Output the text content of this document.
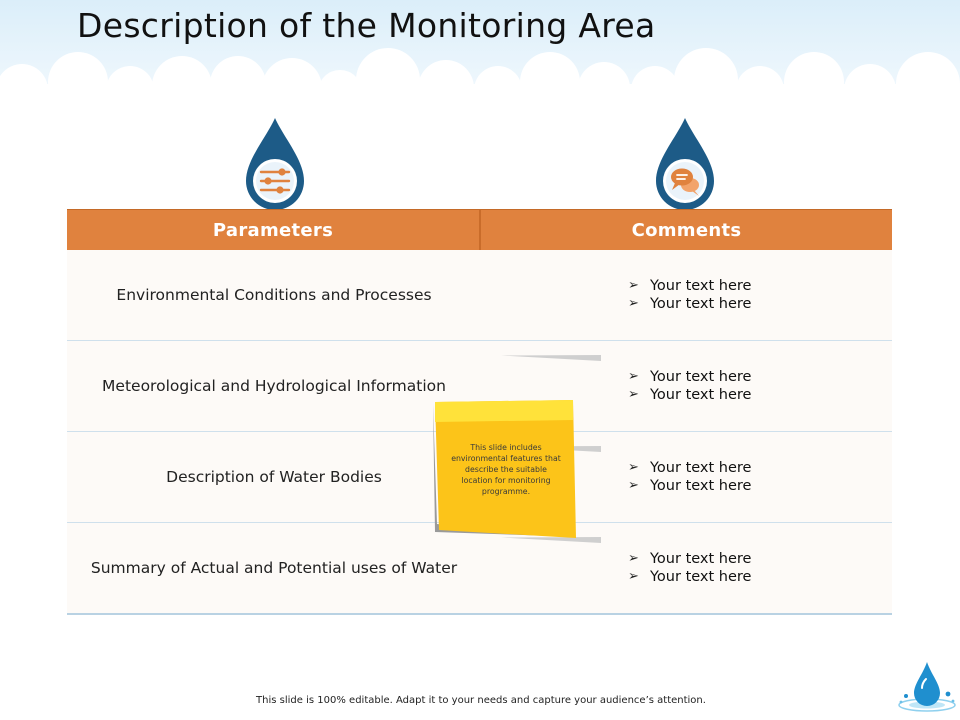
Description of the Monitoring Area
Parameters	Comments
Environmental Conditions and Processes
➢ Your text here
➢ Your text here
Meteorological and Hydrological Information
➢ Your text here
➢ Your text here
Description of Water Bodies
➢ Your text here
➢ Your text here
Summary of Actual and Potential uses of Water
➢ Your text here
➢ Your text here
This slide includes environmental features that describe the suitable location for monitoring programme.
This slide is 100% editable. Adapt it to your needs and capture your audience’s attention.
